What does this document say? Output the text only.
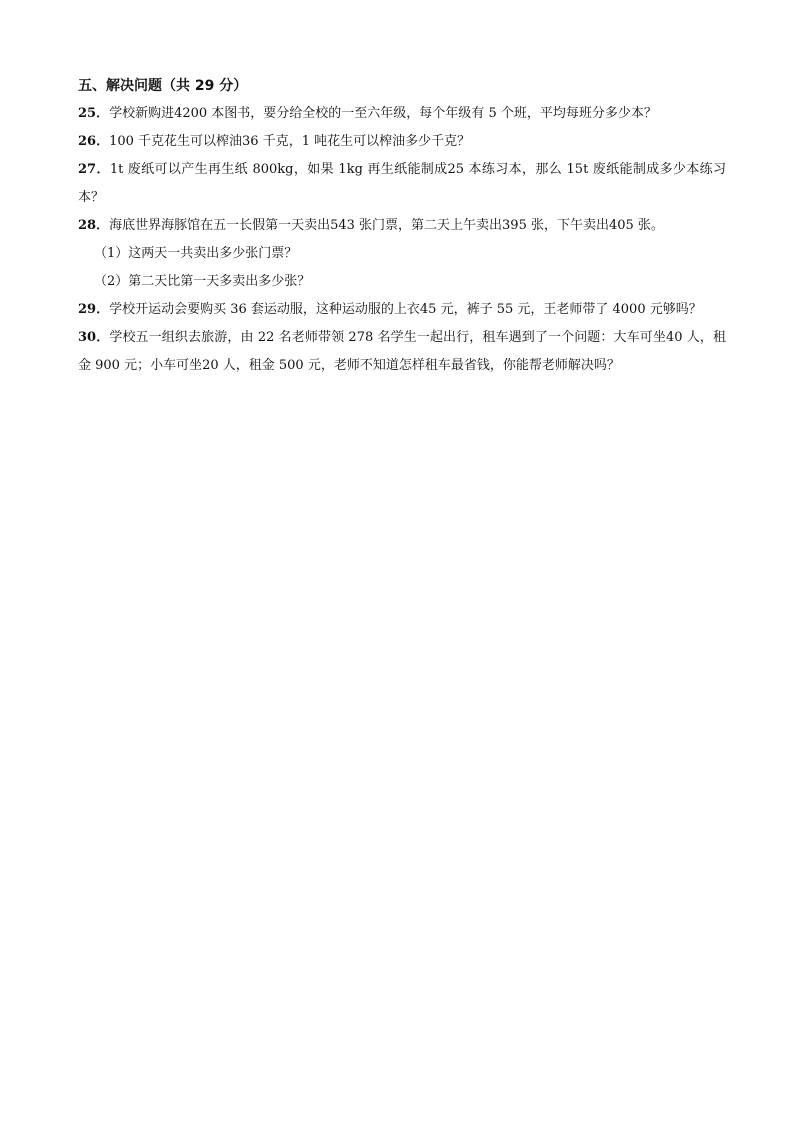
五、解决问题（共 29 分）

25．学校新购进4200 本图书，要分给全校的一至六年级，每个年级有 5 个班，平均每班分多少本？

26．100 千克花生可以榨油36 千克，1 吨花生可以榨油多少千克？

27．1t 废纸可以产生再生纸 800kg，如果 1kg 再生纸能制成25 本练习本，那么 15t 废纸能制成多少本练习本？

28．海底世界海豚馆在五一长假第一天卖出543 张门票，第二天上午卖出395 张，下午卖出405 张。

（1）这两天一共卖出多少张门票？

（2）第二天比第一天多卖出多少张？

29．学校开运动会要购买 36 套运动服，这种运动服的上衣45 元，裤子 55 元，王老师带了 4000 元够吗？

30．学校五一组织去旅游，由 22 名老师带领 278 名学生一起出行，租车遇到了一个问题：大车可坐40 人，租金 900 元；小车可坐20 人，租金 500 元，老师不知道怎样租车最省钱，你能帮老师解决吗？
